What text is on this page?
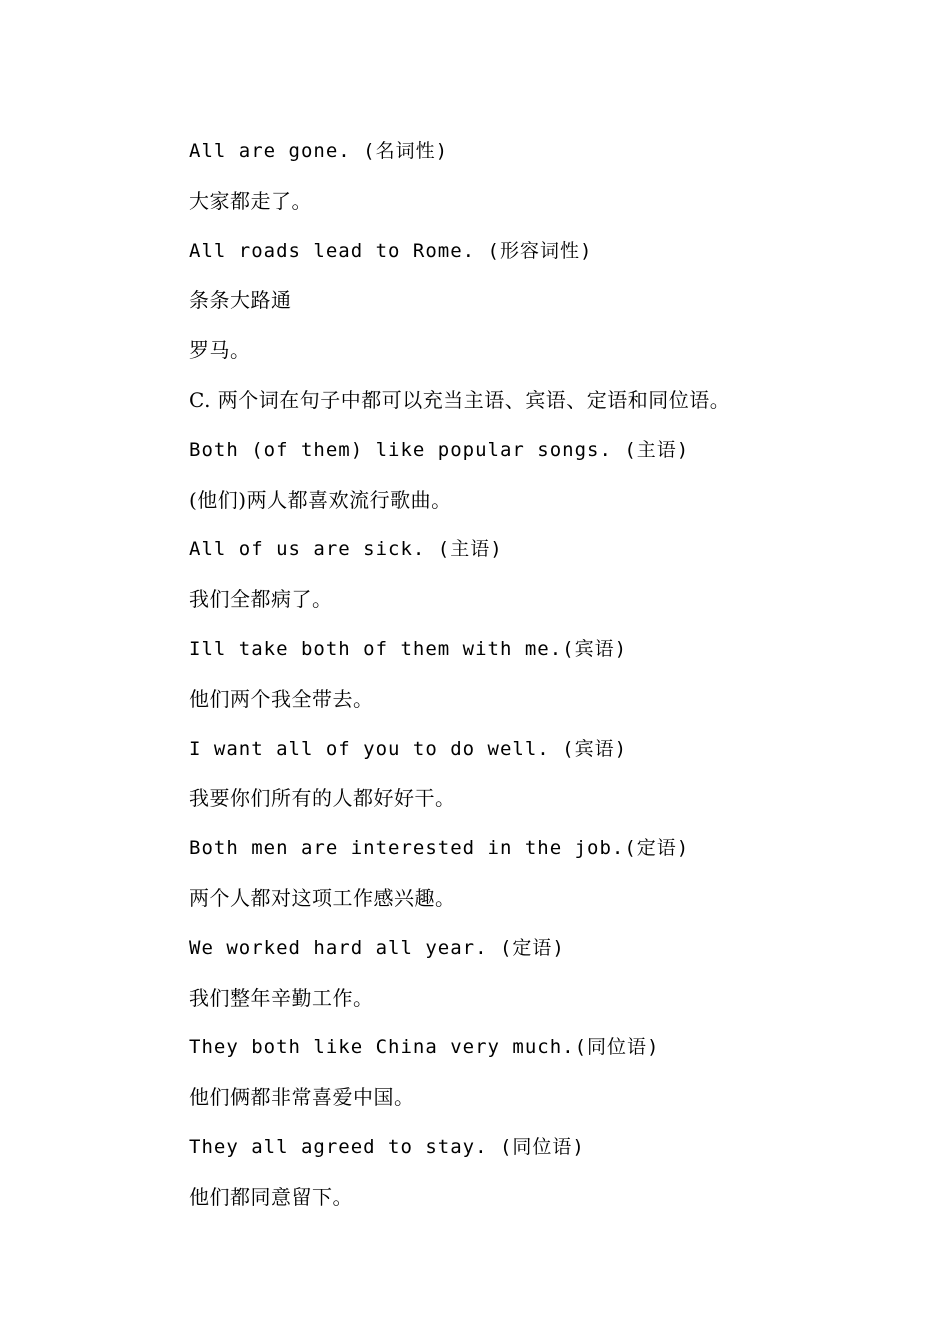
All are gone. (名词性)
大家都走了。
All roads lead to Rome. (形容词性)
条条大路通
罗马。
C. 两个词在句子中都可以充当主语、宾语、定语和同位语。
Both (of them) like popular songs. (主语)
(他们)两人都喜欢流行歌曲。
All of us are sick. (主语)
我们全都病了。
Ill take both of them with me.(宾语)
他们两个我全带去。
I want all of you to do well. (宾语)
我要你们所有的人都好好干。
Both men are interested in the job.(定语)
两个人都对这项工作感兴趣。
We worked hard all year. (定语)
我们整年辛勤工作。
They both like China very much.(同位语)
他们俩都非常喜爱中国。
They all agreed to stay. (同位语)
他们都同意留下。
